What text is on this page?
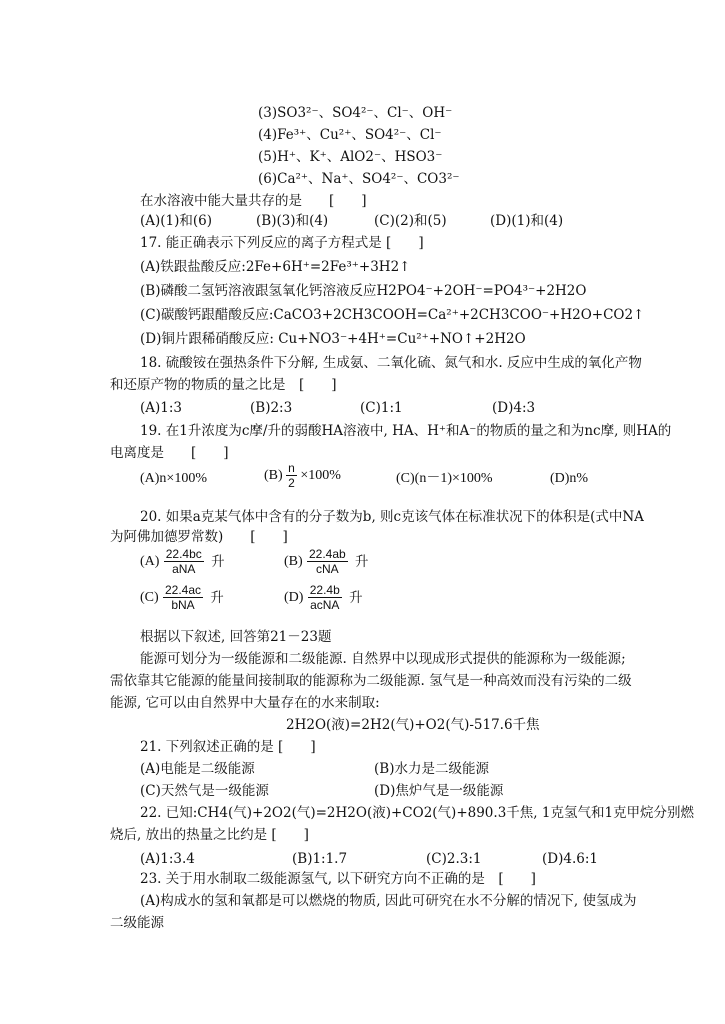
(3)SO3²⁻、SO4²⁻、Cl⁻、OH⁻
(4)Fe³⁺、Cu²⁺、SO4²⁻、Cl⁻
(5)H⁺、K⁺、AlO2⁻、HSO3⁻
(6)Ca²⁺、Na⁺、SO4²⁻、CO3²⁻
在水溶液中能大量共存的是　　[　　]
(A)(1)和(6)	(B)(3)和(4)	(C)(2)和(5)	(D)(1)和(4)
17. 能正确表示下列反应的离子方程式是 [　　]
(A)铁跟盐酸反应:2Fe+6H⁺=2Fe³⁺+3H2↑
(B)磷酸二氢钙溶液跟氢氧化钙溶液反应H2PO4⁻+2OH⁻=PO4³⁻+2H2O
(C)碳酸钙跟醋酸反应:CaCO3+2CH3COOH=Ca²⁺+2CH3COO⁻+H2O+CO2↑
(D)铜片跟稀硝酸反应: Cu+NO3⁻+4H⁺=Cu²⁺+NO↑+2H2O
18. 硫酸铵在强热条件下分解, 生成氨、二氧化硫、氮气和水. 反应中生成的氧化产物
和还原产物的物质的量之比是　[　　]
(A)1:3	(B)2:3	(C)1:1	(D)4:3
19. 在1升浓度为c摩/升的弱酸HA溶液中, HA、H⁺和A⁻的物质的量之和为nc摩, 则HA的
电离度是　　[　　]
(A)n×100%	$(B) \frac{n}{2} \times 100\%$	(C)(n－1)×100%	(D)n%
20. 如果a克某气体中含有的分子数为b, 则c克该气体在标准状况下的体积是(式中NA
为阿佛加德罗常数)　　[　　]
$(A) \frac{22.4bc}{\text{aNA}}$ 升	$(B) \frac{22.4ab}{\text{cNA}}$ 升
$(C) \frac{22.4ac}{\text{bNA}}$ 升	$(D) \frac{22.4b}{\text{acNA}}$ 升
根据以下叙述, 回答第21－23题
能源可划分为一级能源和二级能源. 自然界中以现成形式提供的能源称为一级能源;
需依靠其它能源的能量间接制取的能源称为二级能源. 氢气是一种高效而没有污染的二级
能源, 它可以由自然界中大量存在的水来制取:
2H2O(液)=2H2(气)+O2(气)-517.6千焦
21. 下列叙述正确的是 [　　]
(A)电能是二级能源	(B)水力是二级能源
(C)天然气是一级能源	(D)焦炉气是一级能源
22. 已知:CH4(气)+2O2(气)=2H2O(液)+CO2(气)+890.3千焦, 1克氢气和1克甲烷分别燃
烧后, 放出的热量之比约是 [　　]
(A)1:3.4	(B)1:1.7	(C)2.3:1	(D)4.6:1
23. 关于用水制取二级能源氢气, 以下研究方向不正确的是　[　　]
(A)构成水的氢和氧都是可以燃烧的物质, 因此可研究在水不分解的情况下, 使氢成为
二级能源
